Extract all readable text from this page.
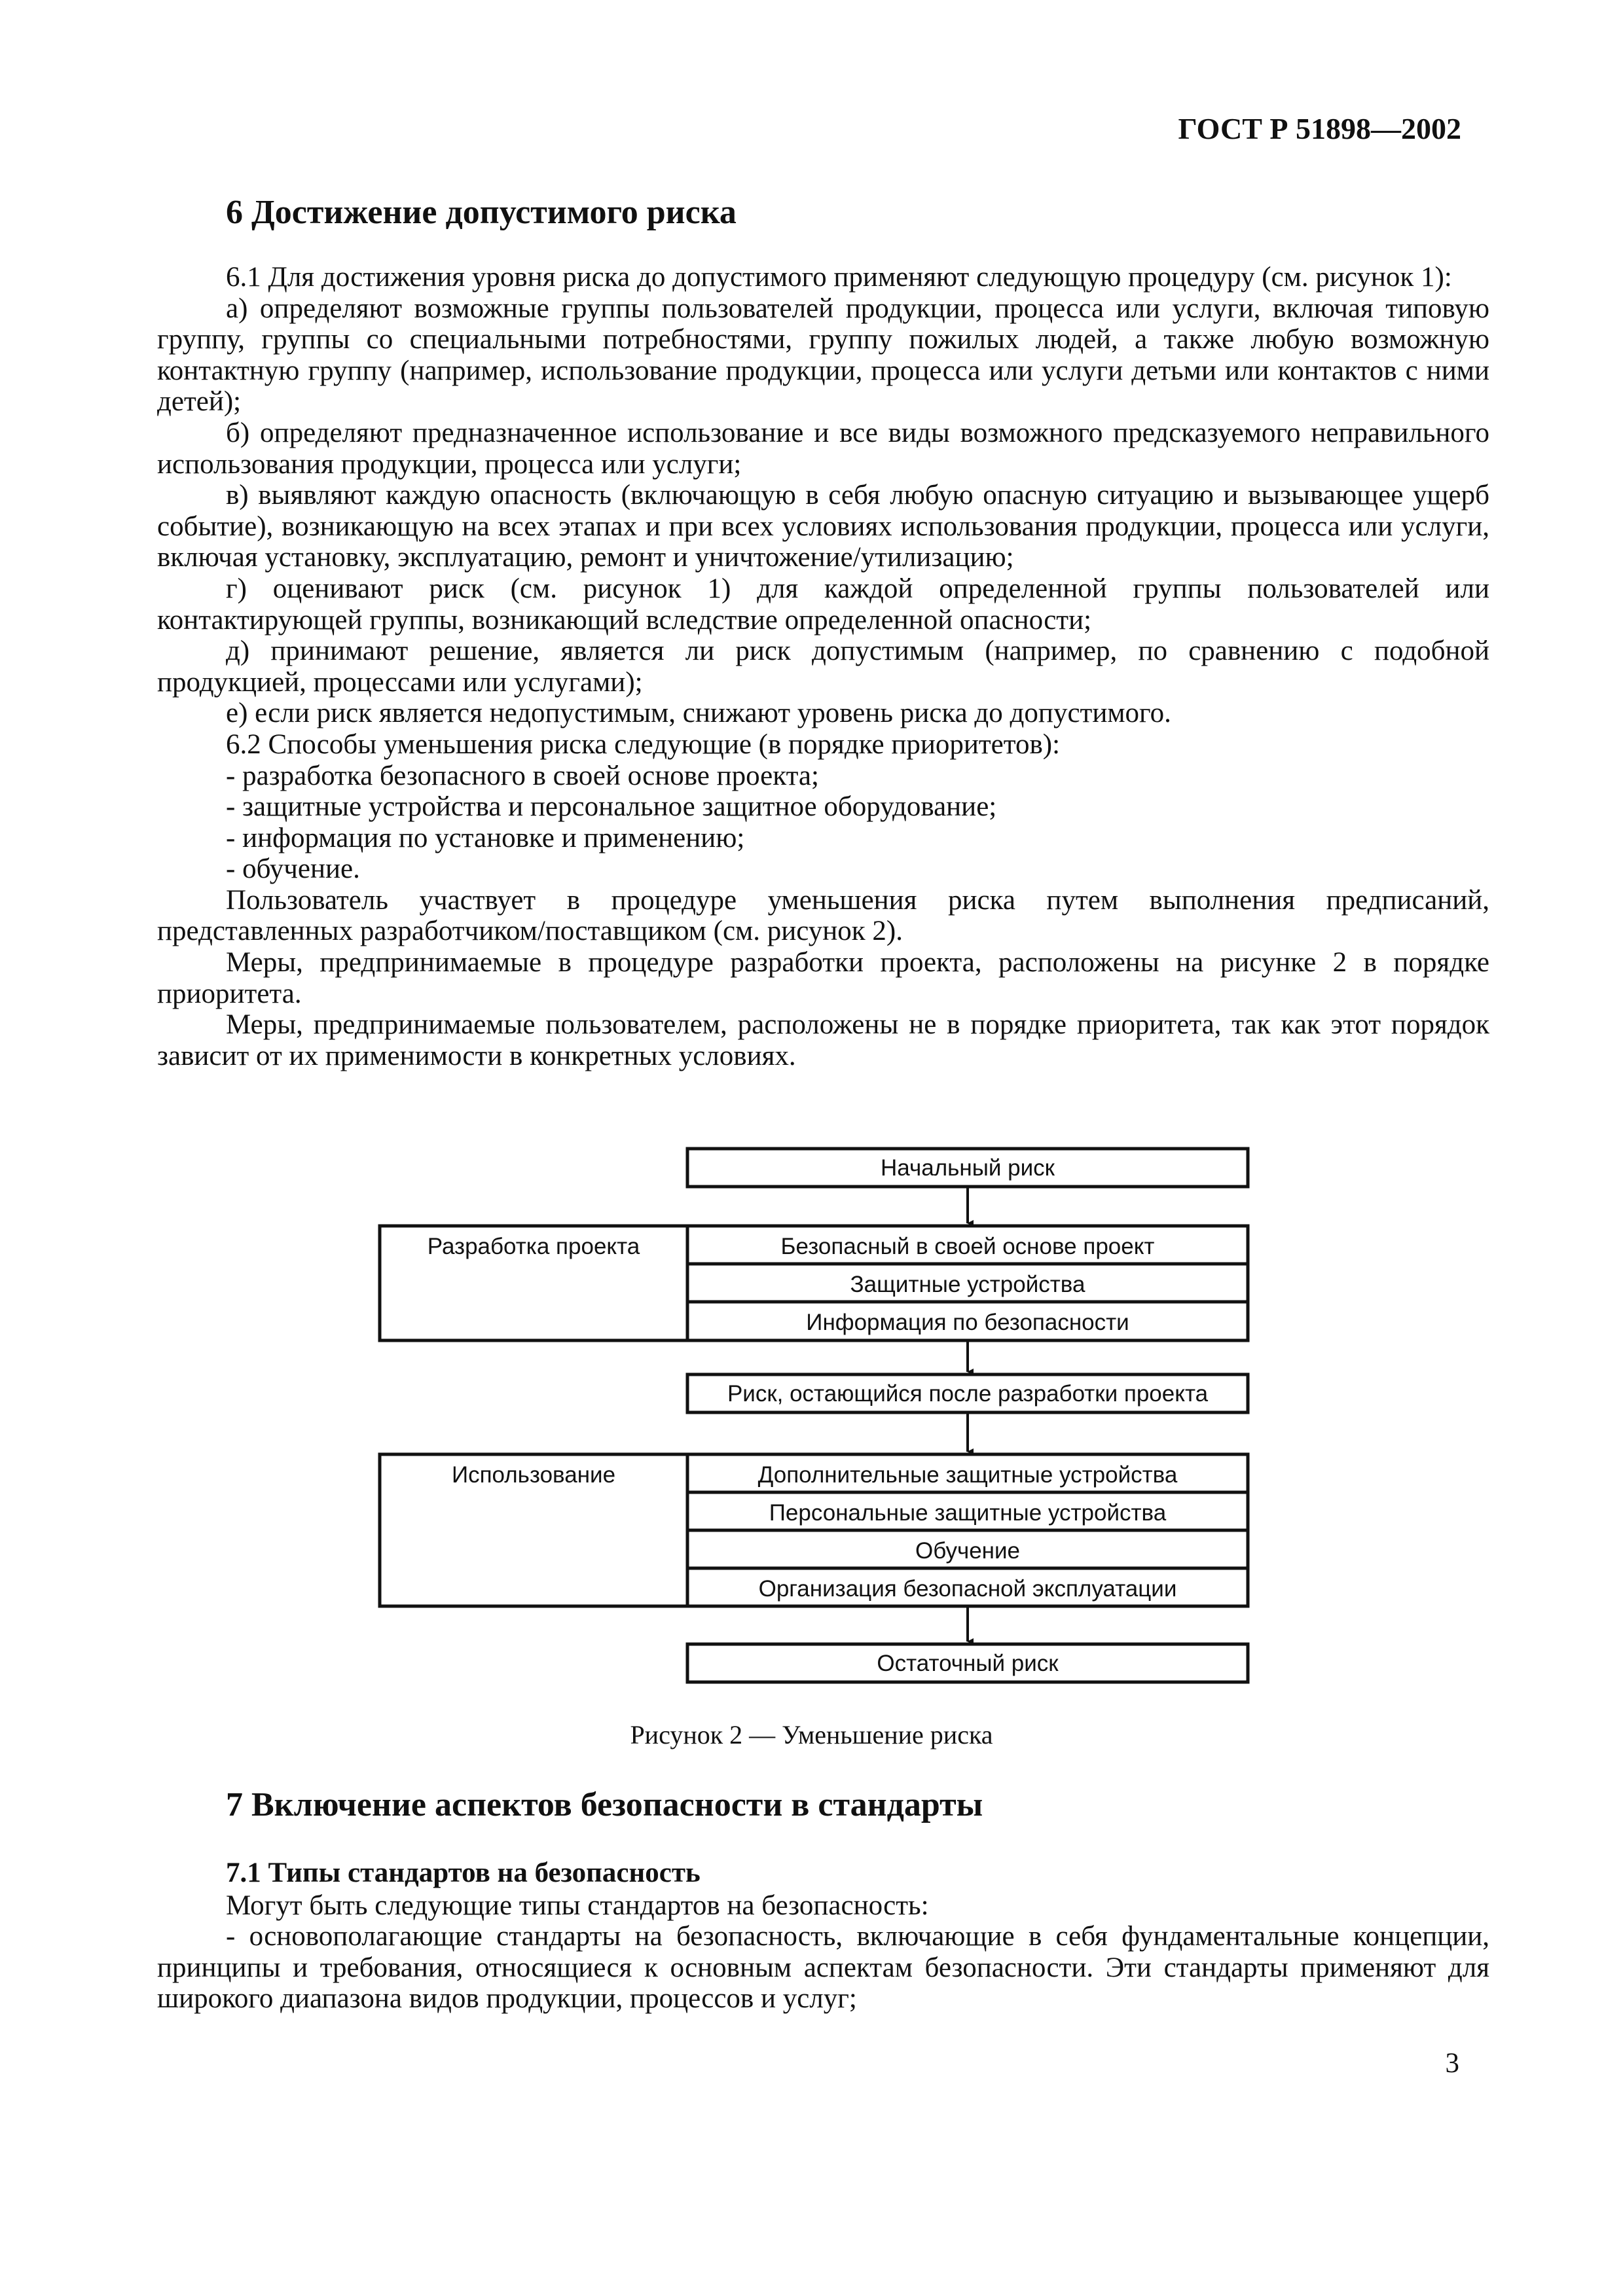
ГОСТ Р 51898—2002
6 Достижение допустимого риска

6.1 Для достижения уровня риска до допустимого применяют следующую процедуру (см. рисунок 1):

а) определяют возможные группы пользователей продукции, процесса или услуги, включая типовую группу, группы со специальными потребностями, группу пожилых людей, а также любую возможную контактную группу (например, использование продукции, процесса или услуги детьми или контактов с ними детей);

б) определяют предназначенное использование и все виды возможного предсказуемого неправильного использования продукции, процесса или услуги;

в) выявляют каждую опасность (включающую в себя любую опасную ситуацию и вызывающее ущерб событие), возникающую на всех этапах и при всех условиях использования продукции, процесса или услуги, включая установку, эксплуатацию, ремонт и уничтожение/утилизацию;

г) оценивают риск (см. рисунок 1) для каждой определенной группы пользователей или контактирующей группы, возникающий вследствие определенной опасности;

д) принимают решение, является ли риск допустимым (например, по сравнению с подобной продукцией, процессами или услугами);

е) если риск является недопустимым, снижают уровень риска до допустимого.

6.2 Способы уменьшения риска следующие (в порядке приоритетов):

- разработка безопасного в своей основе проекта;

- защитные устройства и персональное защитное оборудование;

- информация по установке и применению;

- обучение.

Пользователь участвует в процедуре уменьшения риска путем выполнения предписаний, представленных разработчиком/поставщиком (см. рисунок 2).

Меры, предпринимаемые в процедуре разработки проекта, расположены на рисунке 2 в порядке приоритета.

Меры, предпринимаемые пользователем, расположены не в порядке приоритета, так как этот порядок зависит от их применимости в конкретных условиях.

Начальный риск
Разработка проекта	Безопасный в своей основе проект
Защитные устройства
Информация по безопасности
Риск, остающийся после разработки проекта
Использование	Дополнительные защитные устройства
Персональные защитные устройства
Обучение
Организация безопасной эксплуатации
Остаточный риск

Рисунок 2 — Уменьшение риска

7 Включение аспектов безопасности в стандарты

7.1 Типы стандартов на безопасность

Могут быть следующие типы стандартов на безопасность:

- основополагающие стандарты на безопасность, включающие в себя фундаментальные концепции, принципы и требования, относящиеся к основным аспектам безопасности. Эти стандарты применяют для широкого диапазона видов продукции, процессов и услуг;

3
